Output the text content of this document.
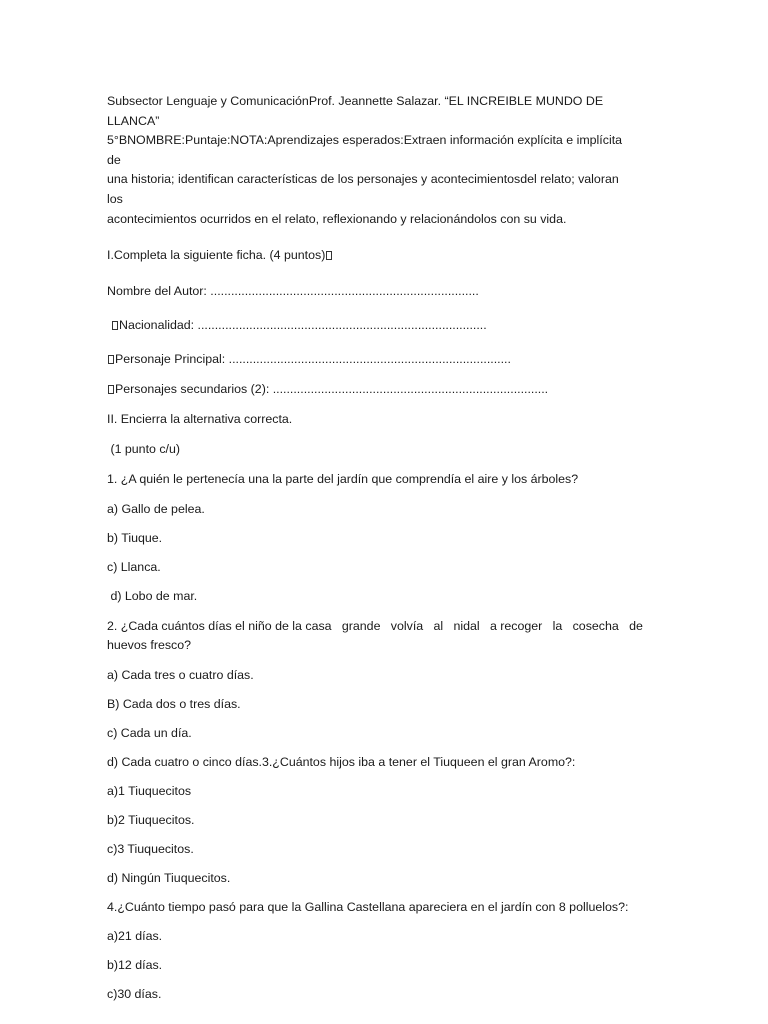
Subsector Lenguaje y ComunicaciónProf. Jeannette Salazar. “EL INCREIBLE MUNDO DE LLANCA”

5°BNOMBRE:Puntaje:NOTA:Aprendizajes esperados:Extraen información explícita e implícita de

una historia; identifican características de los personajes y acontecimientosdel relato; valoran los

acontecimientos ocurridos en el relato, reflexionando y relacionándolos con su vida.

I.Completa la siguiente ficha. (4 puntos)

Nombre del Autor: ..............................................................................

Nacionalidad: ....................................................................................

Personaje Principal: ..................................................................................

Personajes secundarios (2): ................................................................................

II. Encierra la alternativa correcta.

(1 punto c/u)

1. ¿A quién le pertenecía una la parte del jardín que comprendía el aire y los árboles?

a) Gallo de pelea.

b) Tiuque.

c) Llanca.

d) Lobo de mar.

2. ¿Cada cuántos días el niño de la casa   grande   volvía   al   nidal   a recoger   la   cosecha   de

huevos fresco?

a) Cada tres o cuatro días.

B) Cada dos o tres días.

c) Cada un día.

d) Cada cuatro o cinco días.3.¿Cuántos hijos iba a tener el Tiuqueen el gran Aromo?:

a)1 Tiuquecitos

b)2 Tiuquecitos.

c)3 Tiuquecitos.

d) Ningún Tiuquecitos.

4.¿Cuánto tiempo pasó para que la Gallina Castellana apareciera en el jardín con 8 polluelos?:

a)21 días.

b)12 días.

c)30 días.
